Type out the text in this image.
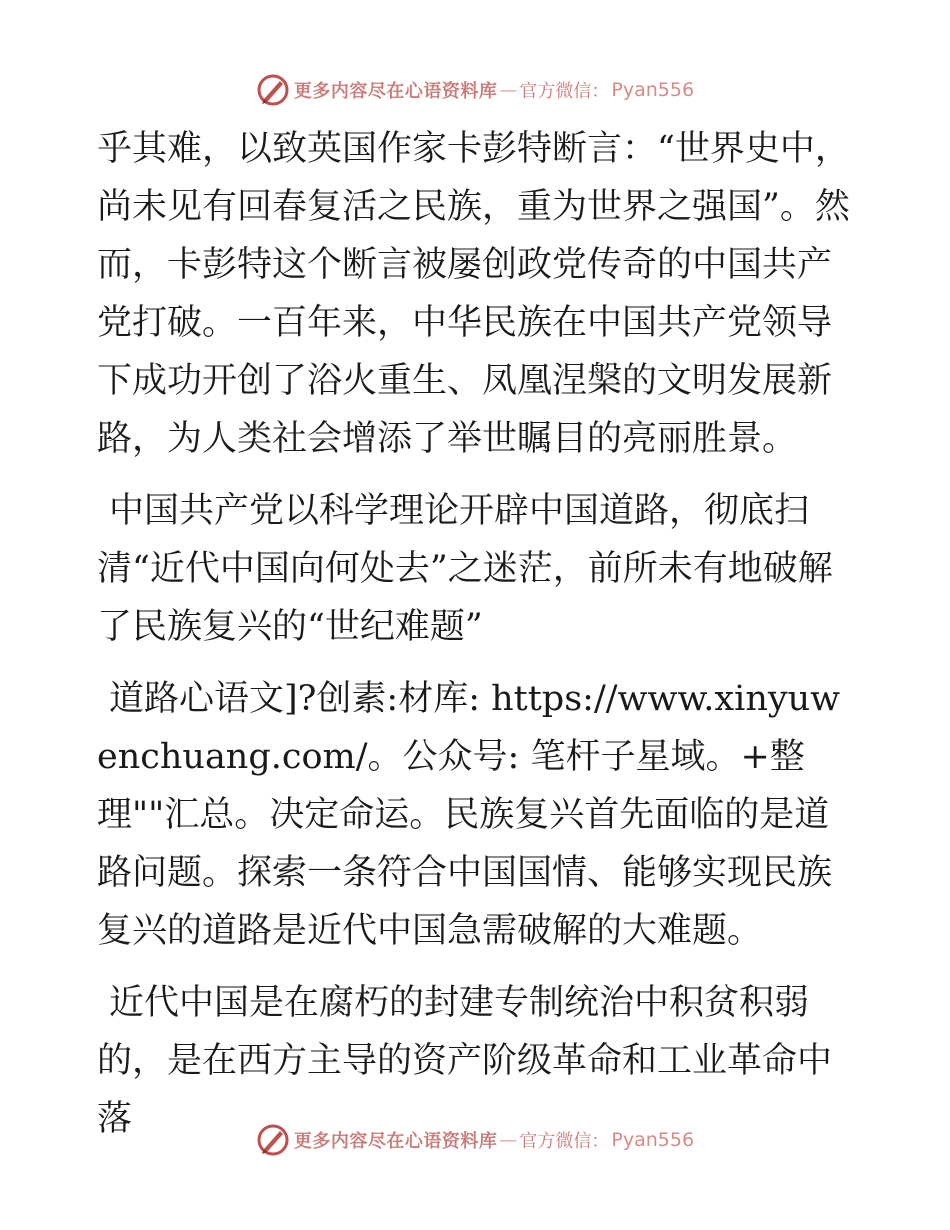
更多内容尽在心语资料库 — 官方微信： Pyan556

乎其难，以致英国作家卡彭特断言：“世界史中，尚未见有回春复活之民族，重为世界之强国”。然而，卡彭特这个断言被屡创政党传奇的中国共产党打破。一百年来，中华民族在中国共产党领导下成功开创了浴火重生、凤凰涅槃的文明发展新路，为人类社会增添了举世瞩目的亮丽胜景。

中国共产党以科学理论开辟中国道路，彻底扫清“近代中国向何处去”之迷茫，前所未有地破解了民族复兴的“世纪难题”

道路心语文]?创素:材库: https://www.xinyuwenchuang.com/。公众号: 笔杆子星域。+整理""汇总。决定命运。民族复兴首先面临的是道路问题。探索一条符合中国国情、能够实现民族复兴的道路是近代中国急需破解的大难题。

近代中国是在腐朽的封建专制统治中积贫积弱的，是在西方主导的资产阶级革命和工业革命中落

更多内容尽在心语资料库 — 官方微信： Pyan556
